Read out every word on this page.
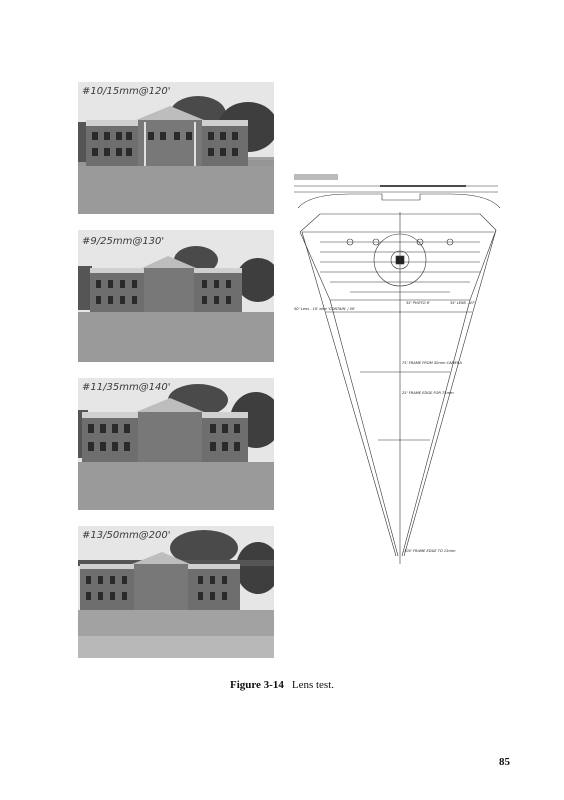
#10/15mm@120'
#9/25mm@130'
#11/35mm@140'
#13/50mm@200'
50' Lens - 10' elev 'CONTAIN' / 50'
35' PHOTO 6'	35' LENS - 47'
75' FRAME FROM 50mm CAMERA
25' FRAME EDGE FOR 75mm
100' FRAME EDGE TO 15mm
Figure 3-14 Lens test.
85
